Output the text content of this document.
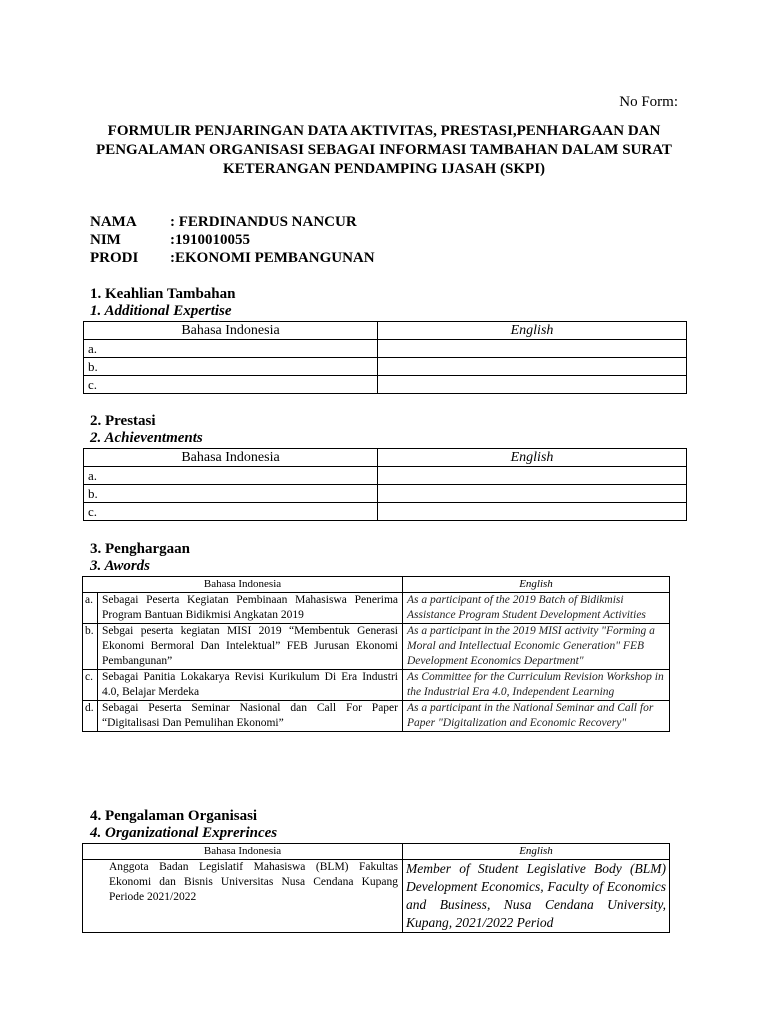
No Form:
FORMULIR PENJARINGAN DATA AKTIVITAS, PRESTASI,PENHARGAAN DAN
PENGALAMAN ORGANISASI SEBAGAI INFORMASI TAMBAHAN DALAM SURAT
KETERANGAN PENDAMPING IJASAH (SKPI)
NAMA	: FERDINANDUS NANCUR
NIM	:1910010055
PRODI	:EKONOMI PEMBANGUNAN
1. Keahlian Tambahan
1. Additional Expertise
Bahasa Indonesia	English
a.	
b.	
c.	
2. Prestasi
2. Achieventments
Bahasa Indonesia	English
a.	
b.	
c.	
3. Penghargaan
3. Awords
Bahasa Indonesia		English
a.	Sebagai Peserta Kegiatan Pembinaan Mahasiswa Penerima Program Bantuan Bidikmisi Angkatan 2019	As a participant of the 2019 Batch of Bidikmisi Assistance Program Student Development Activities
b.	Sebgai peserta kegiatan MISI 2019 “Membentuk Generasi Ekonomi Bermoral Dan Intelektual” FEB Jurusan Ekonomi Pembangunan”	As a participant in the 2019 MISI activity "Forming a Moral and Intellectual Economic Generation" FEB Development Economics Department"
c.	Sebagai Panitia Lokakarya Revisi Kurikulum Di Era Industri 4.0, Belajar Merdeka	As Committee for the Curriculum Revision Workshop in the Industrial Era 4.0, Independent Learning
d.	Sebagai Peserta Seminar Nasional dan Call For Paper “Digitalisasi Dan Pemulihan Ekonomi”	As a participant in the National Seminar and Call for Paper "Digitalization and Economic Recovery"
4. Pengalaman Organisasi
4. Organizational Exprerinces
Bahasa Indonesia	English
Anggota Badan Legislatif Mahasiswa (BLM) Fakultas Ekonomi dan Bisnis Universitas Nusa Cendana Kupang Periode 2021/2022	Member of Student Legislative Body (BLM) Development Economics, Faculty of Economics and Business, Nusa Cendana University, Kupang, 2021/2022 Period
